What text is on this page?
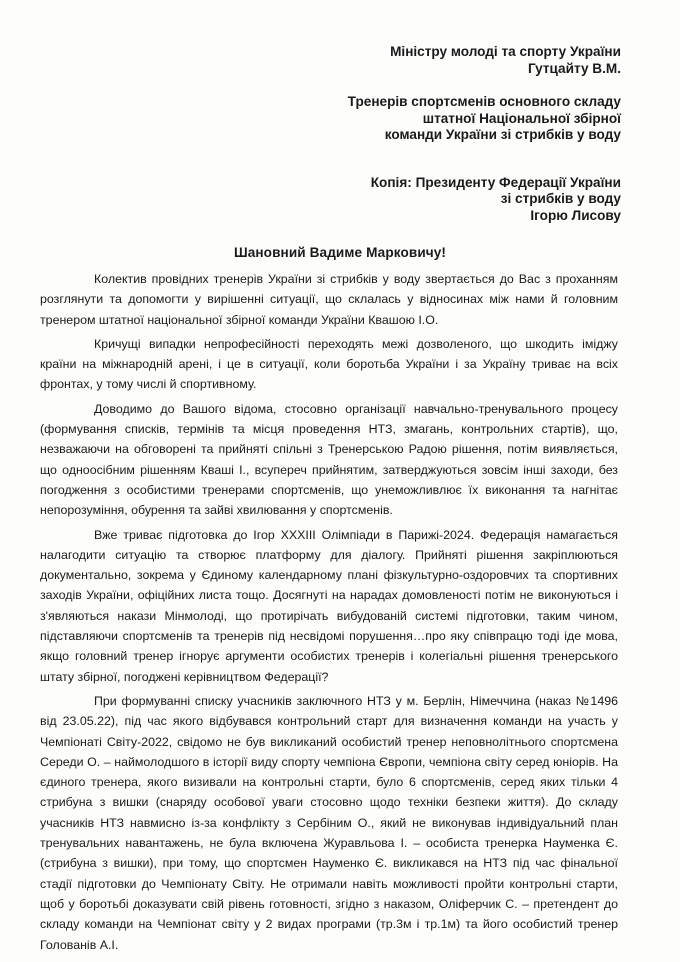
Міністру молоді та спорту України
Гутцайту В.М.
Тренерів спортсменів основного складу
штатної Національної збірної
команди України зі стрибків у воду
Копія: Президенту Федерації України
зі стрибків у воду
Ігорю Лисову
Шановний Вадиме Марковичу!

Колектив провідних тренерів України зі стрибків у воду звертається до Вас з проханням розглянути та допомогти у вирішенні ситуації, що склалась у відносинах між нами й головним тренером штатної національної збірної команди України Квашою І.О.

Кричущі випадки непрофесійності переходять межі дозволеного, що шкодить іміджу країни на міжнародній арені, і це в ситуації, коли боротьба України і за Україну триває на всіх фронтах, у тому числі й спортивному.

Доводимо до Вашого відома, стосовно організації навчально-тренувального процесу (формування списків, термінів та місця проведення НТЗ, змагань, контрольних стартів), що, незважаючи на обговорені та прийняті спільні з Тренерською Радою рішення, потім виявляється, що одноосібним рішенням Кваші І., всупереч прийнятим, затверджуються зовсім інші заходи, без погодження з особистими тренерами спортсменів, що унеможливлює їх виконання та нагнітає непорозуміння, обурення та зайві хвилювання у спортсменів.

Вже триває підготовка до Ігор XXXIII Олімпіади в Парижі-2024. Федерація намагається налагодити ситуацію та створює платформу для діалогу. Прийняті рішення закріплюються документально, зокрема у Єдиному календарному плані фізкультурно-оздоровчих та спортивних заходів України, офіційних листа тощо. Досягнуті на нарадах домовленості потім не виконуються і з'являються накази Мінмолоді, що протирічать вибудованій системі підготовки, таким чином, підставляючи спортсменів та тренерів під несвідомі порушення…про яку співпрацю тоді іде мова, якщо головний тренер ігнорує аргументи особистих тренерів і колегіальні рішення тренерського штату збірної, погоджені керівництвом Федерації?

При формуванні списку учасників заключного НТЗ у м. Берлін, Німеччина (наказ №1496 від 23.05.22), під час якого відбувався контрольний старт для визначення команди на участь у Чемпіонаті Світу-2022, свідомо не був викликаний особистий тренер неповнолітнього спортсмена Середи О. – наймолодшого в історії виду спорту чемпіона Європи, чемпіона світу серед юніорів. На єдиного тренера, якого визивали на контрольні старти, було 6 спортсменів, серед яких тільки 4 стрибуна з вишки (снаряду особової уваги стосовно щодо техніки безпеки життя). До складу учасників НТЗ навмисно із-за конфлікту з Сербіним О., який не виконував індивідуальний план тренувальних навантажень, не була включена Журавльова І. – особиста тренерка Науменка Є. (стрибуна з вишки), при тому, що спортсмен Науменко Є. викликався на НТЗ під час фінальної стадії підготовки до Чемпіонату Світу. Не отримали навіть можливості пройти контрольні старти, щоб у боротьбі доказувати свій рівень готовності, згідно з наказом, Оліферчик С. – претендент до складу команди на Чемпіонат світу у 2 видах програми (тр.3м і тр.1м) та його особистий тренер Голованів А.І.
